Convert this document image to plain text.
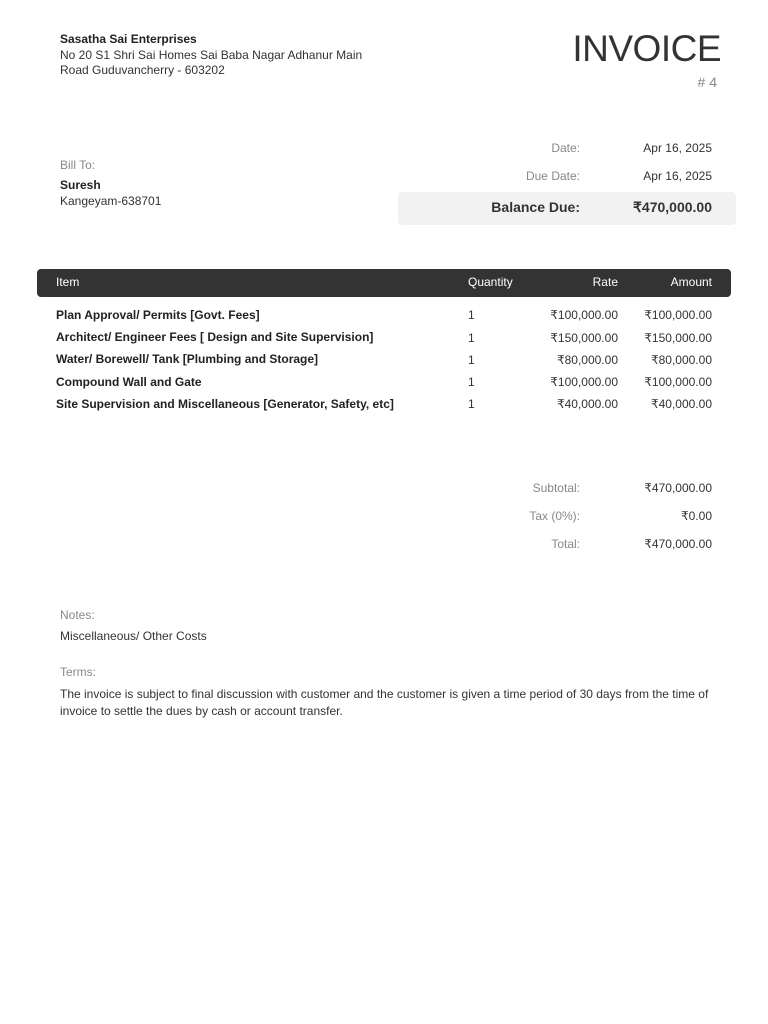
Sasatha Sai Enterprises
No 20 S1 Shri Sai Homes Sai Baba Nagar Adhanur Main Road Guduvancherry - 603202
INVOICE
# 4
Bill To:
Suresh
Kangeyam-638701
Date:	Apr 16, 2025
Due Date:	Apr 16, 2025
Balance Due:	₹470,000.00
Item	Quantity	Rate	Amount
Plan Approval/ Permits [Govt. Fees]	1	₹100,000.00 ₹100,000.00
Architect/ Engineer Fees [ Design and Site Supervision]	1	₹150,000.00 ₹150,000.00
Water/ Borewell/ Tank [Plumbing and Storage]	1	₹80,000.00	₹80,000.00
Compound Wall and Gate	1	₹100,000.00 ₹100,000.00
Site Supervision and Miscellaneous [Generator, Safety, etc]	1	₹40,000.00	₹40,000.00
Subtotal:	₹470,000.00
Tax (0%):	₹0.00
Total:	₹470,000.00
Notes:
Miscellaneous/ Other Costs
Terms:
The invoice is subject to final discussion with customer and the customer is given a time period of 30 days from the time of invoice to settle the dues by cash or account transfer.
